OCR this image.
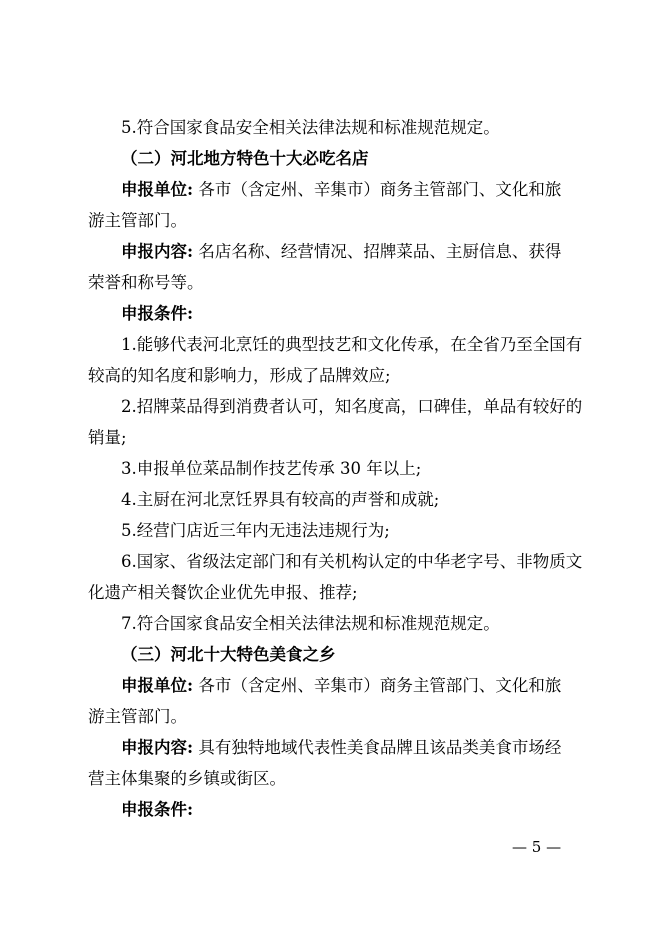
5.符合国家食品安全相关法律法规和标准规范规定。

（二）河北地方特色十大必吃名店

申报单位: 各市（含定州、辛集市）商务主管部门、文化和旅

游主管部门。

申报内容: 名店名称、经营情况、招牌菜品、主厨信息、获得

荣誉和称号等。

申报条件:

1.能够代表河北烹饪的典型技艺和文化传承，在全省乃至全国有

较高的知名度和影响力，形成了品牌效应;

2.招牌菜品得到消费者认可，知名度高，口碑佳，单品有较好的

销量;

3.申报单位菜品制作技艺传承 30 年以上;

4.主厨在河北烹饪界具有较高的声誉和成就;

5.经营门店近三年内无违法违规行为;

6.国家、省级法定部门和有关机构认定的中华老字号、非物质文

化遗产相关餐饮企业优先申报、推荐;

7.符合国家食品安全相关法律法规和标准规范规定。

（三）河北十大特色美食之乡

申报单位: 各市（含定州、辛集市）商务主管部门、文化和旅

游主管部门。

申报内容: 具有独特地域代表性美食品牌且该品类美食市场经

营主体集聚的乡镇或街区。

申报条件:

— 5 —
